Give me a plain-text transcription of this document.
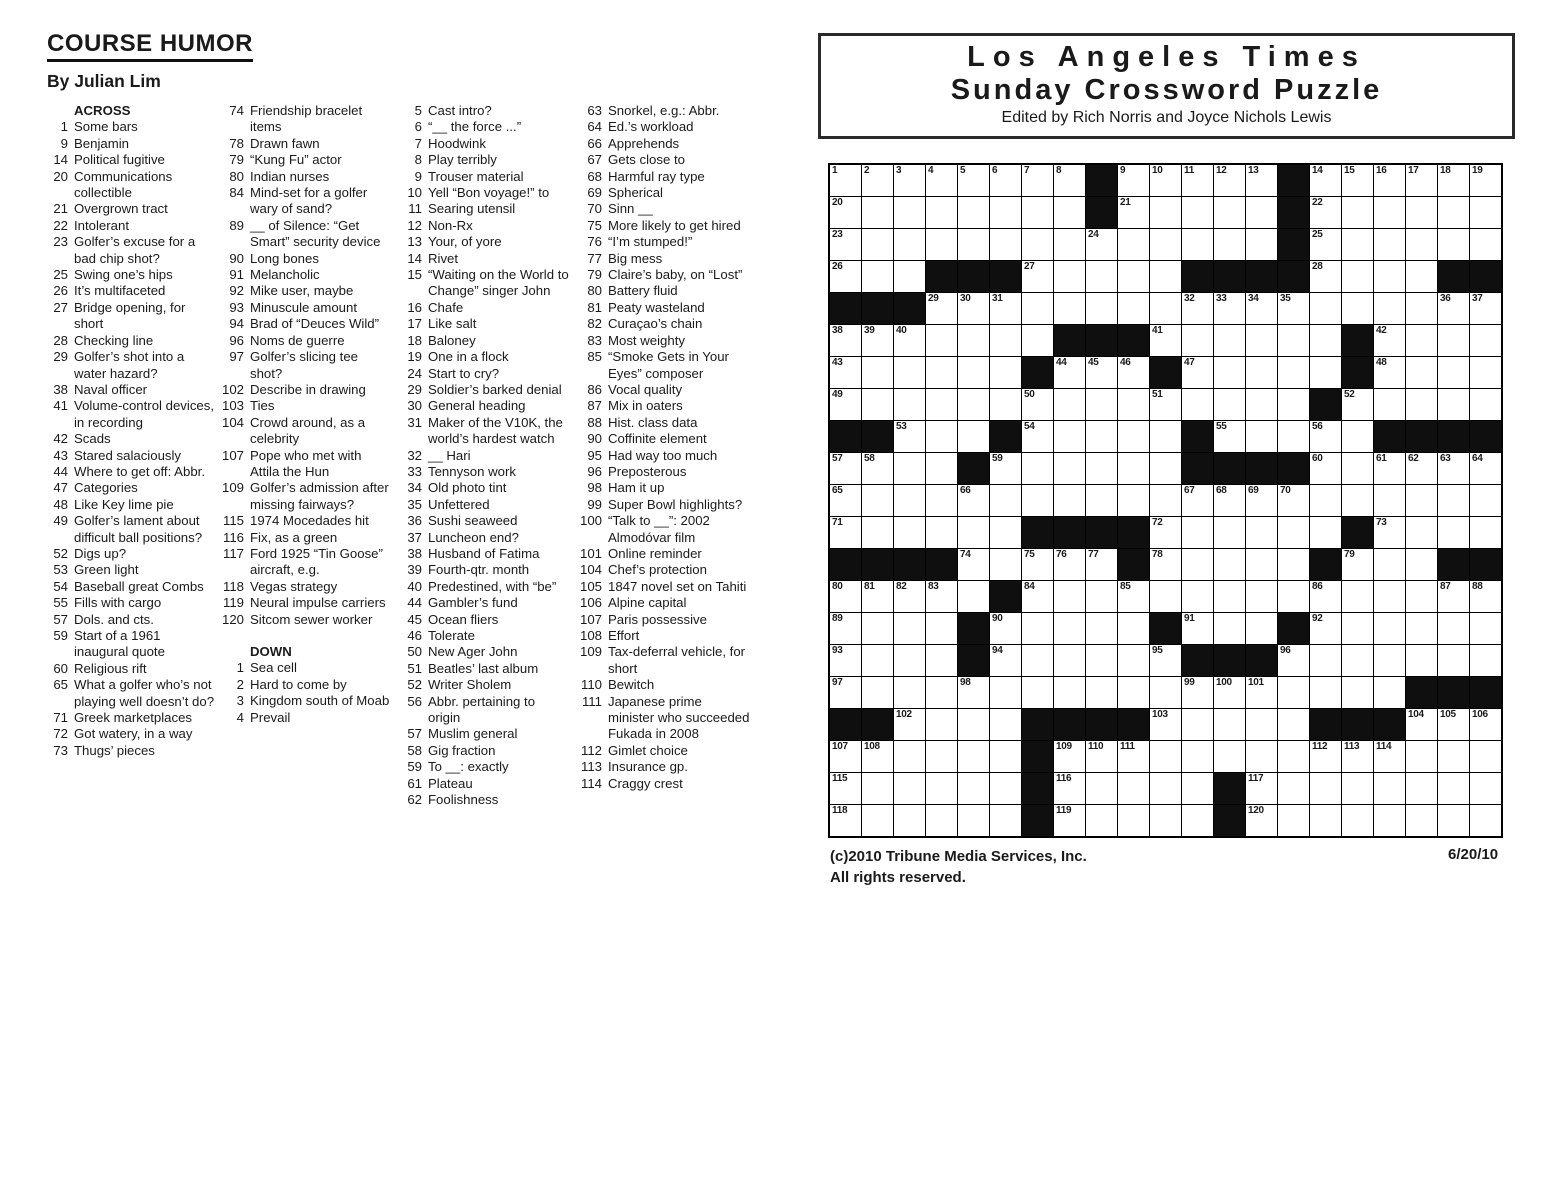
COURSE HUMOR
By Julian Lim
ACROSS
1 Some bars
9 Benjamin
14 Political fugitive
20 Communications collectible
21 Overgrown tract
22 Intolerant
23 Golfer’s excuse for a bad chip shot?
25 Swing one’s hips
26 It’s multifaceted
27 Bridge opening, for short
28 Checking line
29 Golfer’s shot into a water hazard?
38 Naval officer
41 Volume-control devices, in recording
42 Scads
43 Stared salaciously
44 Where to get off: Abbr.
47 Categories
48 Like Key lime pie
49 Golfer’s lament about difficult ball positions?
52 Digs up?
53 Green light
54 Baseball great Combs
55 Fills with cargo
57 Dols. and cts.
59 Start of a 1961 inaugural quote
60 Religious rift
65 What a golfer who’s not playing well doesn’t do?
71 Greek marketplaces
72 Got watery, in a way
73 Thugs’ pieces
74 Friendship bracelet items
78 Drawn fawn
79 “Kung Fu” actor
80 Indian nurses
84 Mind-set for a golfer wary of sand?
89 __ of Silence: “Get Smart” security device
90 Long bones
91 Melancholic
92 Mike user, maybe
93 Minuscule amount
94 Brad of “Deuces Wild”
96 Noms de guerre
97 Golfer’s slicing tee shot?
102 Describe in drawing
103 Ties
104 Crowd around, as a celebrity
107 Pope who met with Attila the Hun
109 Golfer’s admission after missing fairways?
115 1974 Mocedades hit
116 Fix, as a green
117 Ford 1925 “Tin Goose” aircraft, e.g.
118 Vegas strategy
119 Neural impulse carriers
120 Sitcom sewer worker
DOWN
1 Sea cell
2 Hard to come by
3 Kingdom south of Moab
4 Prevail
5 Cast intro?
6 “__ the force ...”
7 Hoodwink
8 Play terribly
9 Trouser material
10 Yell “Bon voyage!” to
11 Searing utensil
12 Non-Rx
13 Your, of yore
14 Rivet
15 “Waiting on the World to Change” singer John
16 Chafe
17 Like salt
18 Baloney
19 One in a flock
24 Start to cry?
29 Soldier’s barked denial
30 General heading
31 Maker of the V10K, the world’s hardest watch
32 __ Hari
33 Tennyson work
34 Old photo tint
35 Unfettered
36 Sushi seaweed
37 Luncheon end?
38 Husband of Fatima
39 Fourth-qtr. month
40 Predestined, with “be”
44 Gambler’s fund
45 Ocean fliers
46 Tolerate
50 New Ager John
51 Beatles’ last album
52 Writer Sholem
56 Abbr. pertaining to origin
57 Muslim general
58 Gig fraction
59 To __: exactly
61 Plateau
62 Foolishness
63 Snorkel, e.g.: Abbr.
64 Ed.’s workload
66 Apprehends
67 Gets close to
68 Harmful ray type
69 Spherical
70 Sinn __
75 More likely to get hired
76 “I’m stumped!”
77 Big mess
79 Claire’s baby, on “Lost”
80 Battery fluid
81 Peaty wasteland
82 Curaçao’s chain
83 Most weighty
85 “Smoke Gets in Your Eyes” composer
86 Vocal quality
87 Mix in oaters
88 Hist. class data
90 Coffinite element
95 Had way too much
96 Preposterous
98 Ham it up
99 Super Bowl highlights?
100 “Talk to __”: 2002 Almodóvar film
101 Online reminder
104 Chef’s protection
105 1847 novel set on Tahiti
106 Alpine capital
107 Paris possessive
108 Effort
109 Tax-deferral vehicle, for short
110 Bewitch
111 Japanese prime minister who succeeded Fukada in 2008
112 Gimlet choice
113 Insurance gp.
114 Craggy crest
Los Angeles Times
Sunday Crossword Puzzle
Edited by Rich Norris and Joyce Nichols Lewis
1	2	3	4	5	6	7	8	9	10 11 12 13	14 15 16 17 18 19
20	21	22
23	24	25
26	27	28
29 30 31	32 33 34 35	36 37
38 39 40	41	42
43	44 45 46	47	48
49	50	51	52
53	54	55	56
57 58	59	60	61 62 63 64
65	66	67 68 69 70
71	72	73
74	75 76 77	78	79
80 81 82 83	84	85	86	87 88
89	90	91	92
93	94	95	96
97	98	99 100 101
102	103	104 105 106
107 108	109 110 111	112 113 114
115	116	117
118	119	120
(c)2010 Tribune Media Services, Inc.
All rights reserved.
6/20/10
